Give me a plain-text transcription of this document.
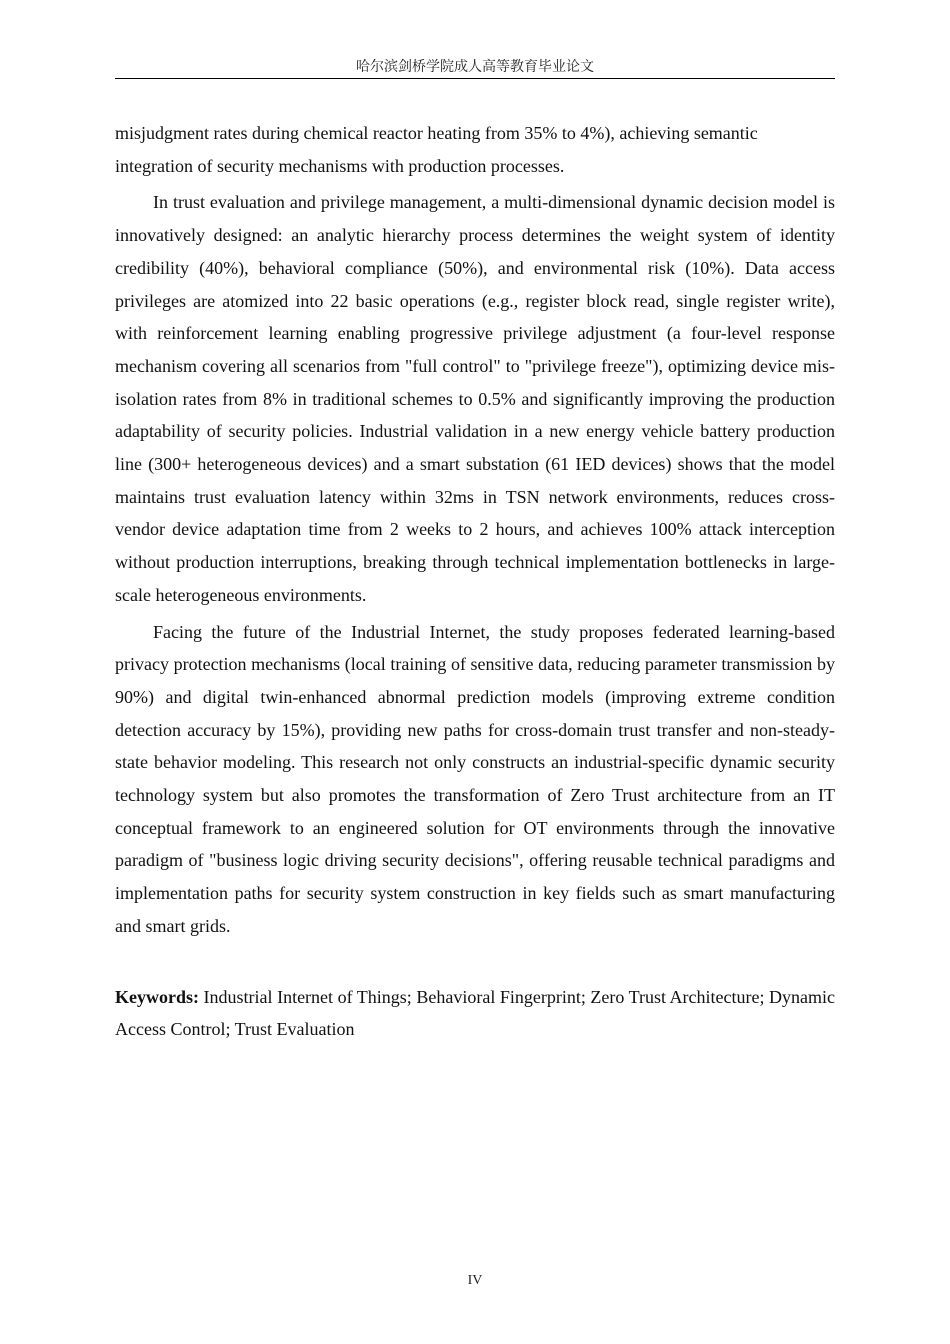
哈尔滨剑桥学院成人高等教育毕业论文

misjudgment rates during chemical reactor heating from 35% to 4%), achieving semantic integration of security mechanisms with production processes.

In trust evaluation and privilege management, a multi-dimensional dynamic decision model is innovatively designed: an analytic hierarchy process determines the weight system of identity credibility (40%), behavioral compliance (50%), and environmental risk (10%). Data access privileges are atomized into 22 basic operations (e.g., register block read, single register write), with reinforcement learning enabling progressive privilege adjustment (a four-level response mechanism covering all scenarios from "full control" to "privilege freeze"), optimizing device mis-isolation rates from 8% in traditional schemes to 0.5% and significantly improving the production adaptability of security policies. Industrial validation in a new energy vehicle battery production line (300+ heterogeneous devices) and a smart substation (61 IED devices) shows that the model maintains trust evaluation latency within 32ms in TSN network environments, reduces cross-vendor device adaptation time from 2 weeks to 2 hours, and achieves 100% attack interception without production interruptions, breaking through technical implementation bottlenecks in large-scale heterogeneous environments.

Facing the future of the Industrial Internet, the study proposes federated learning-based privacy protection mechanisms (local training of sensitive data, reducing parameter transmission by 90%) and digital twin-enhanced abnormal prediction models (improving extreme condition detection accuracy by 15%), providing new paths for cross-domain trust transfer and non-steady-state behavior modeling. This research not only constructs an industrial-specific dynamic security technology system but also promotes the transformation of Zero Trust architecture from an IT conceptual framework to an engineered solution for OT environments through the innovative paradigm of "business logic driving security decisions", offering reusable technical paradigms and implementation paths for security system construction in key fields such as smart manufacturing and smart grids.

Keywords: Industrial Internet of Things; Behavioral Fingerprint; Zero Trust Architecture; Dynamic Access Control; Trust Evaluation
IV
